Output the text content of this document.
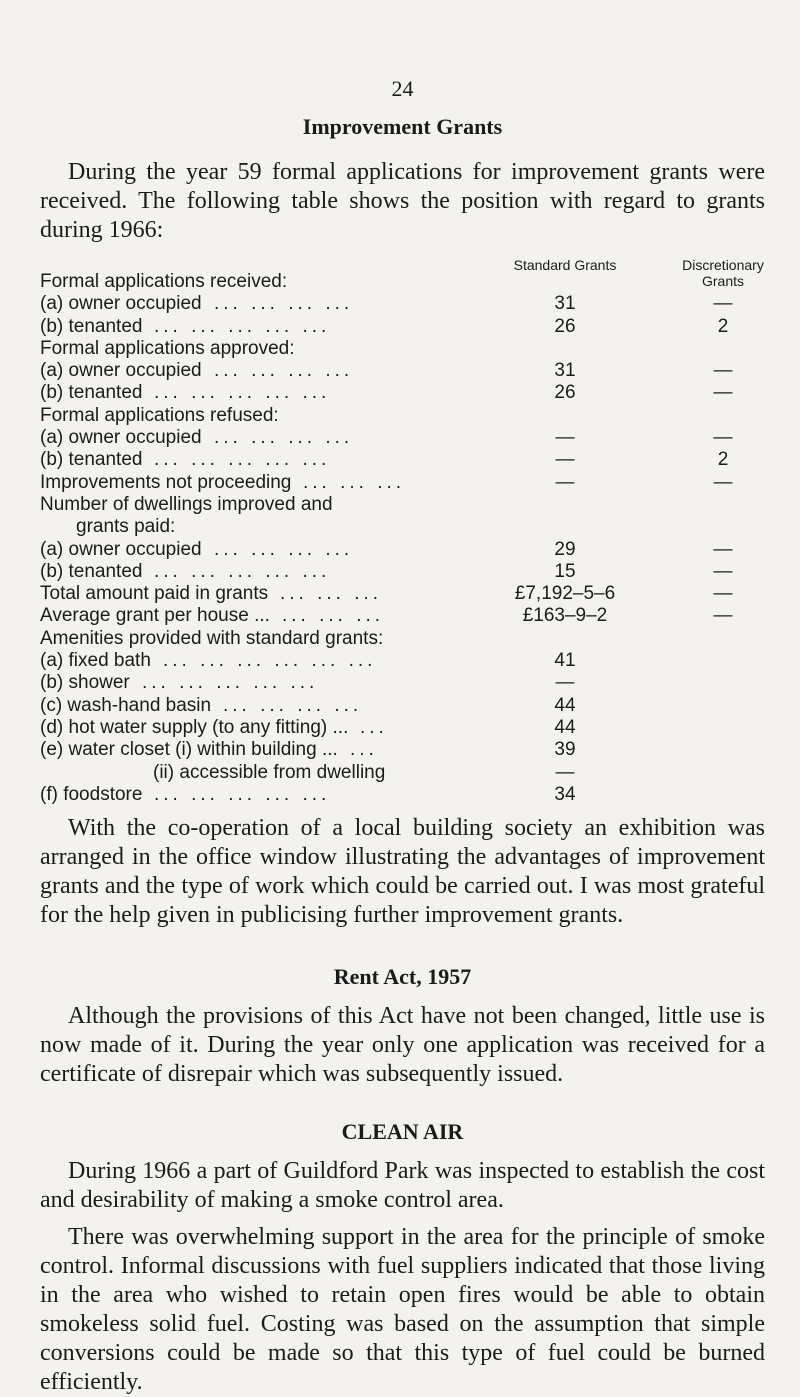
24
Improvement Grants

During the year 59 formal applications for improvement grants were received. The following table shows the position with regard to grants during 1966:

Standard Grants	Discretionary Grants
Formal applications received:
(a) owner occupied ... ... ... ...	31	—
(b) tenanted ... ... ... ... ...	26	2
Formal applications approved:
(a) owner occupied ... ... ... ...	31	—
(b) tenanted ... ... ... ... ...	26	—
Formal applications refused:
(a) owner occupied ... ... ... ...	—	—
(b) tenanted ... ... ... ... ...	—	2
Improvements not proceeding ... ... ...	—	—
Number of dwellings improved and
grants paid:
(a) owner occupied ... ... ... ...	29	—
(b) tenanted ... ... ... ... ...	15	—
Total amount paid in grants ... ... ...	£7,192–5–6	—
Average grant per house ... ... ... ...	£163–9–2	—
Amenities provided with standard grants:
(a) fixed bath ... ... ... ... ... ...	41
(b) shower ... ... ... ... ...	—
(c) wash-hand basin ... ... ... ...	44
(d) hot water supply (to any fitting) ... ...	44
(e) water closet (i) within building ... ...	39
(ii) accessible from dwelling	—
(f) foodstore ... ... ... ... ...	34

With the co-operation of a local building society an exhibition was arranged in the office window illustrating the advantages of improvement grants and the type of work which could be carried out. I was most grateful for the help given in publicising further improvement grants.

Rent Act, 1957

Although the provisions of this Act have not been changed, little use is now made of it. During the year only one application was received for a certificate of disrepair which was subsequently issued.

CLEAN AIR

During 1966 a part of Guildford Park was inspected to establish the cost and desirability of making a smoke control area.

There was overwhelming support in the area for the principle of smoke control. Informal discussions with fuel suppliers indicated that those living in the area who wished to retain open fires would be able to obtain smokeless solid fuel. Costing was based on the assumption that simple conversions could be made so that this type of fuel could be burned efficiently.
